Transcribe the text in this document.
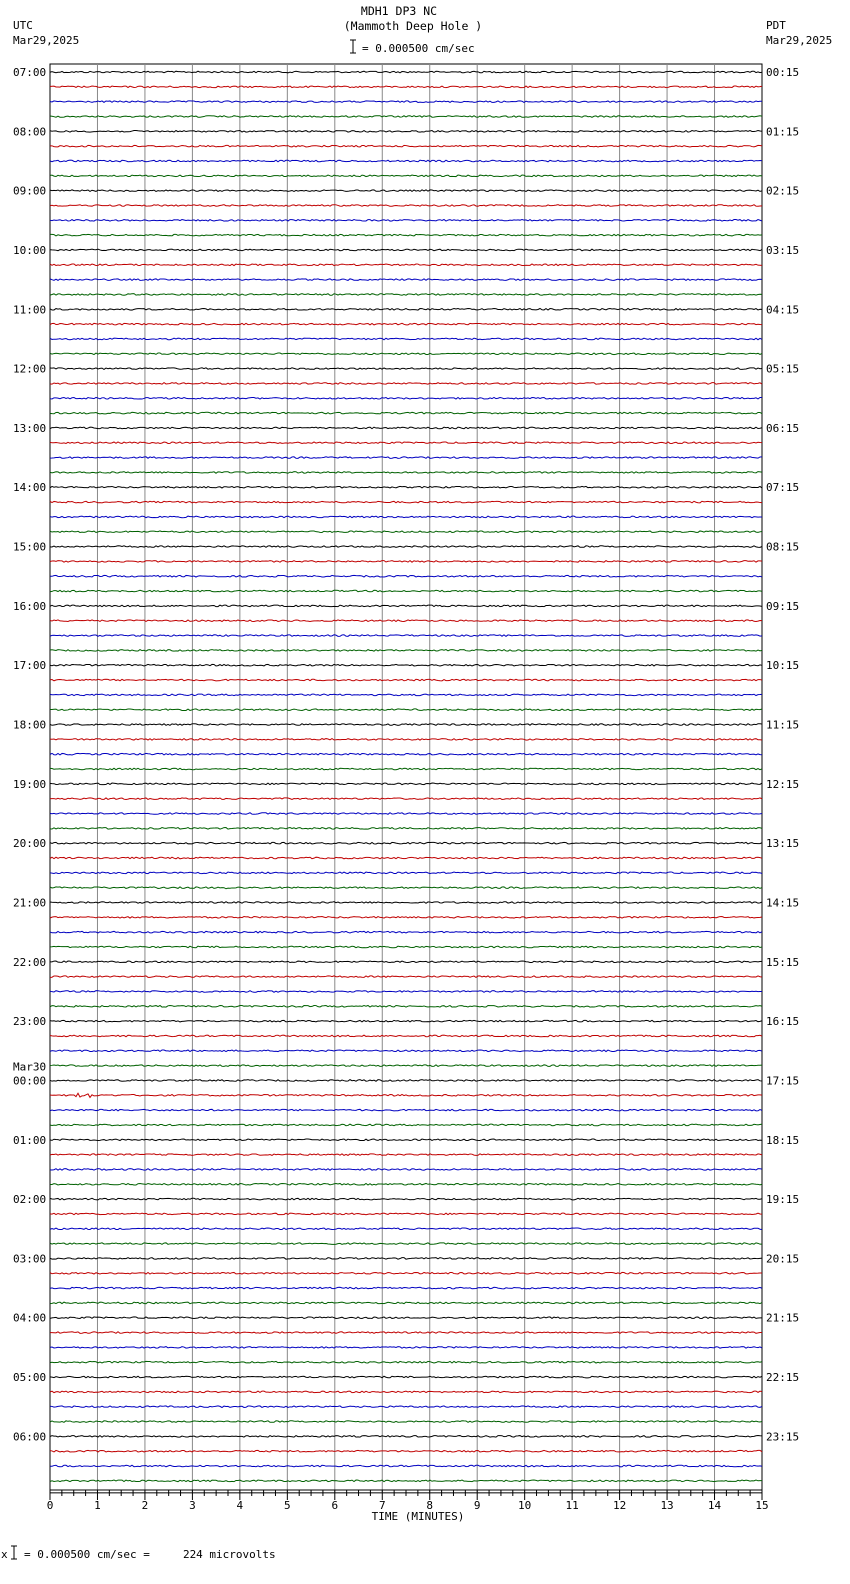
MDH1 DP3 NC
(Mammoth Deep Hole )
= 0.000500 cm/sec
UTC
Mar29,2025
PDT
Mar29,2025
07:00
08:00
09:00
10:00
11:00
12:00
13:00
14:00
15:00
16:00
17:00
18:00
19:00
20:00
21:00
22:00
23:00
00:00
Mar30
01:00
02:00
03:00
04:00
05:00
06:00
00:15
01:15
02:15
03:15
04:15
05:15
06:15
07:15
08:15
09:15
10:15
11:15
12:15
13:15
14:15
15:15
16:15
17:15
18:15
19:15
20:15
21:15
22:15
23:15
0	1	2	3	4	5	6	7	8	9	10	11	12	13	14	15
TIME (MINUTES)
x = 0.000500 cm/sec =     224 microvolts
